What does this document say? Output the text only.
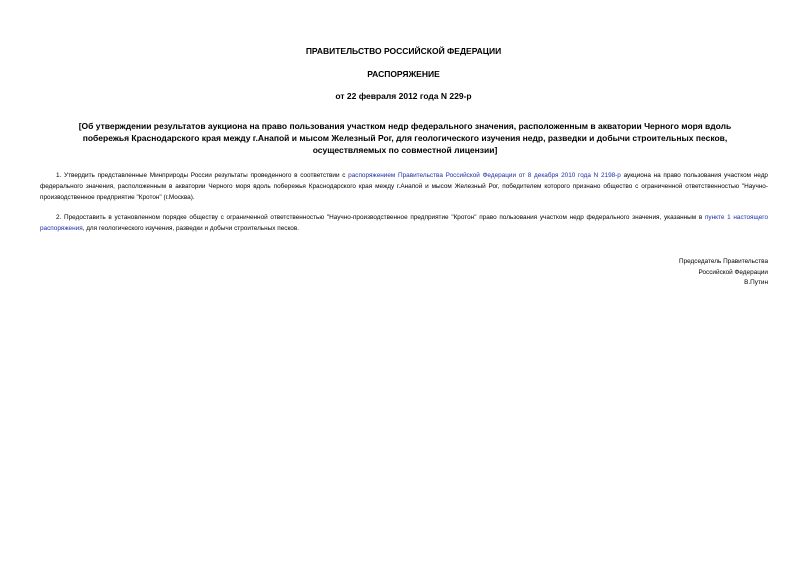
ПРАВИТЕЛЬСТВО РОССИЙСКОЙ ФЕДЕРАЦИИ

РАСПОРЯЖЕНИЕ

от 22 февраля 2012 года N 229-р

[Об утверждении результатов аукциона на право пользования участком недр федерального значения, расположенным в акватории Черного моря вдоль побережья Краснодарского края между г.Анапой и мысом Железный Рог, для геологического изучения недр, разведки и добычи строительных песков, осуществляемых по совместной лицензии]

1. Утвердить представленные Минприроды России результаты проведенного в соответствии с распоряжением Правительства Российской Федерации от 8 декабря 2010 года N 2198-р аукциона на право пользования участком недр федерального значения, расположенным в акватории Черного моря вдоль побережья Краснодарского края между г.Анапой и мысом Железный Рог, победителем которого признано общество с ограниченной ответственностью "Научно-производственное предприятие "Кротон" (г.Москва).

2. Предоставить в установленном порядке обществу с ограниченной ответственностью "Научно-производственное предприятие "Кротон" право пользования участком недр федерального значения, указанным в пункте 1 настоящего распоряжения, для геологического изучения, разведки и добычи строительных песков.

Председатель Правительства
Российской Федерации
В.Путин
